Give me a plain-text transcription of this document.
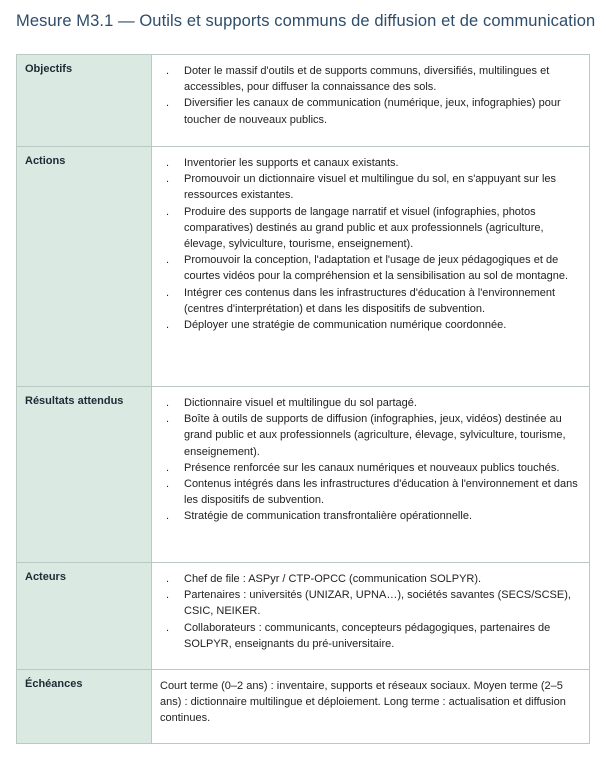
Mesure M3.1 — Outils et supports communs de diffusion et de communication
Objectifs	. Doter le massif d'outils et de supports communs, diversifiés, multilingues et accessibles, pour diffuser la connaissance des sols.
. Diversifier les canaux de communication (numérique, jeux, infographies) pour toucher de nouveaux publics.
Actions	. Inventorier les supports et canaux existants.
. Promouvoir un dictionnaire visuel et multilingue du sol, en s'appuyant sur les ressources existantes.
. Produire des supports de langage narratif et visuel (infographies, photos comparatives) destinés au grand public et aux professionnels (agriculture, élevage, sylviculture, tourisme, enseignement).
. Promouvoir la conception, l'adaptation et l'usage de jeux pédagogiques et de courtes vidéos pour la compréhension et la sensibilisation au sol de montagne.
. Intégrer ces contenus dans les infrastructures d'éducation à l'environnement (centres d'interprétation) et dans les dispositifs de subvention.
. Déployer une stratégie de communication numérique coordonnée.
Résultats attendus	. Dictionnaire visuel et multilingue du sol partagé.
. Boîte à outils de supports de diffusion (infographies, jeux, vidéos) destinée au grand public et aux professionnels (agriculture, élevage, sylviculture, tourisme, enseignement).
. Présence renforcée sur les canaux numériques et nouveaux publics touchés.
. Contenus intégrés dans les infrastructures d'éducation à l'environnement et dans les dispositifs de subvention.
. Stratégie de communication transfrontalière opérationnelle.
Acteurs	. Chef de file : ASPyr / CTP-OPCC (communication SOLPYR).
. Partenaires : universités (UNIZAR, UPNA…), sociétés savantes (SECS/SCSE), CSIC, NEIKER.
. Collaborateurs : communicants, concepteurs pédagogiques, partenaires de SOLPYR, enseignants du pré-universitaire.
Échéances	Court terme (0–2 ans) : inventaire, supports et réseaux sociaux. Moyen terme (2–5 ans) : dictionnaire multilingue et déploiement. Long terme : actualisation et diffusion continues.
